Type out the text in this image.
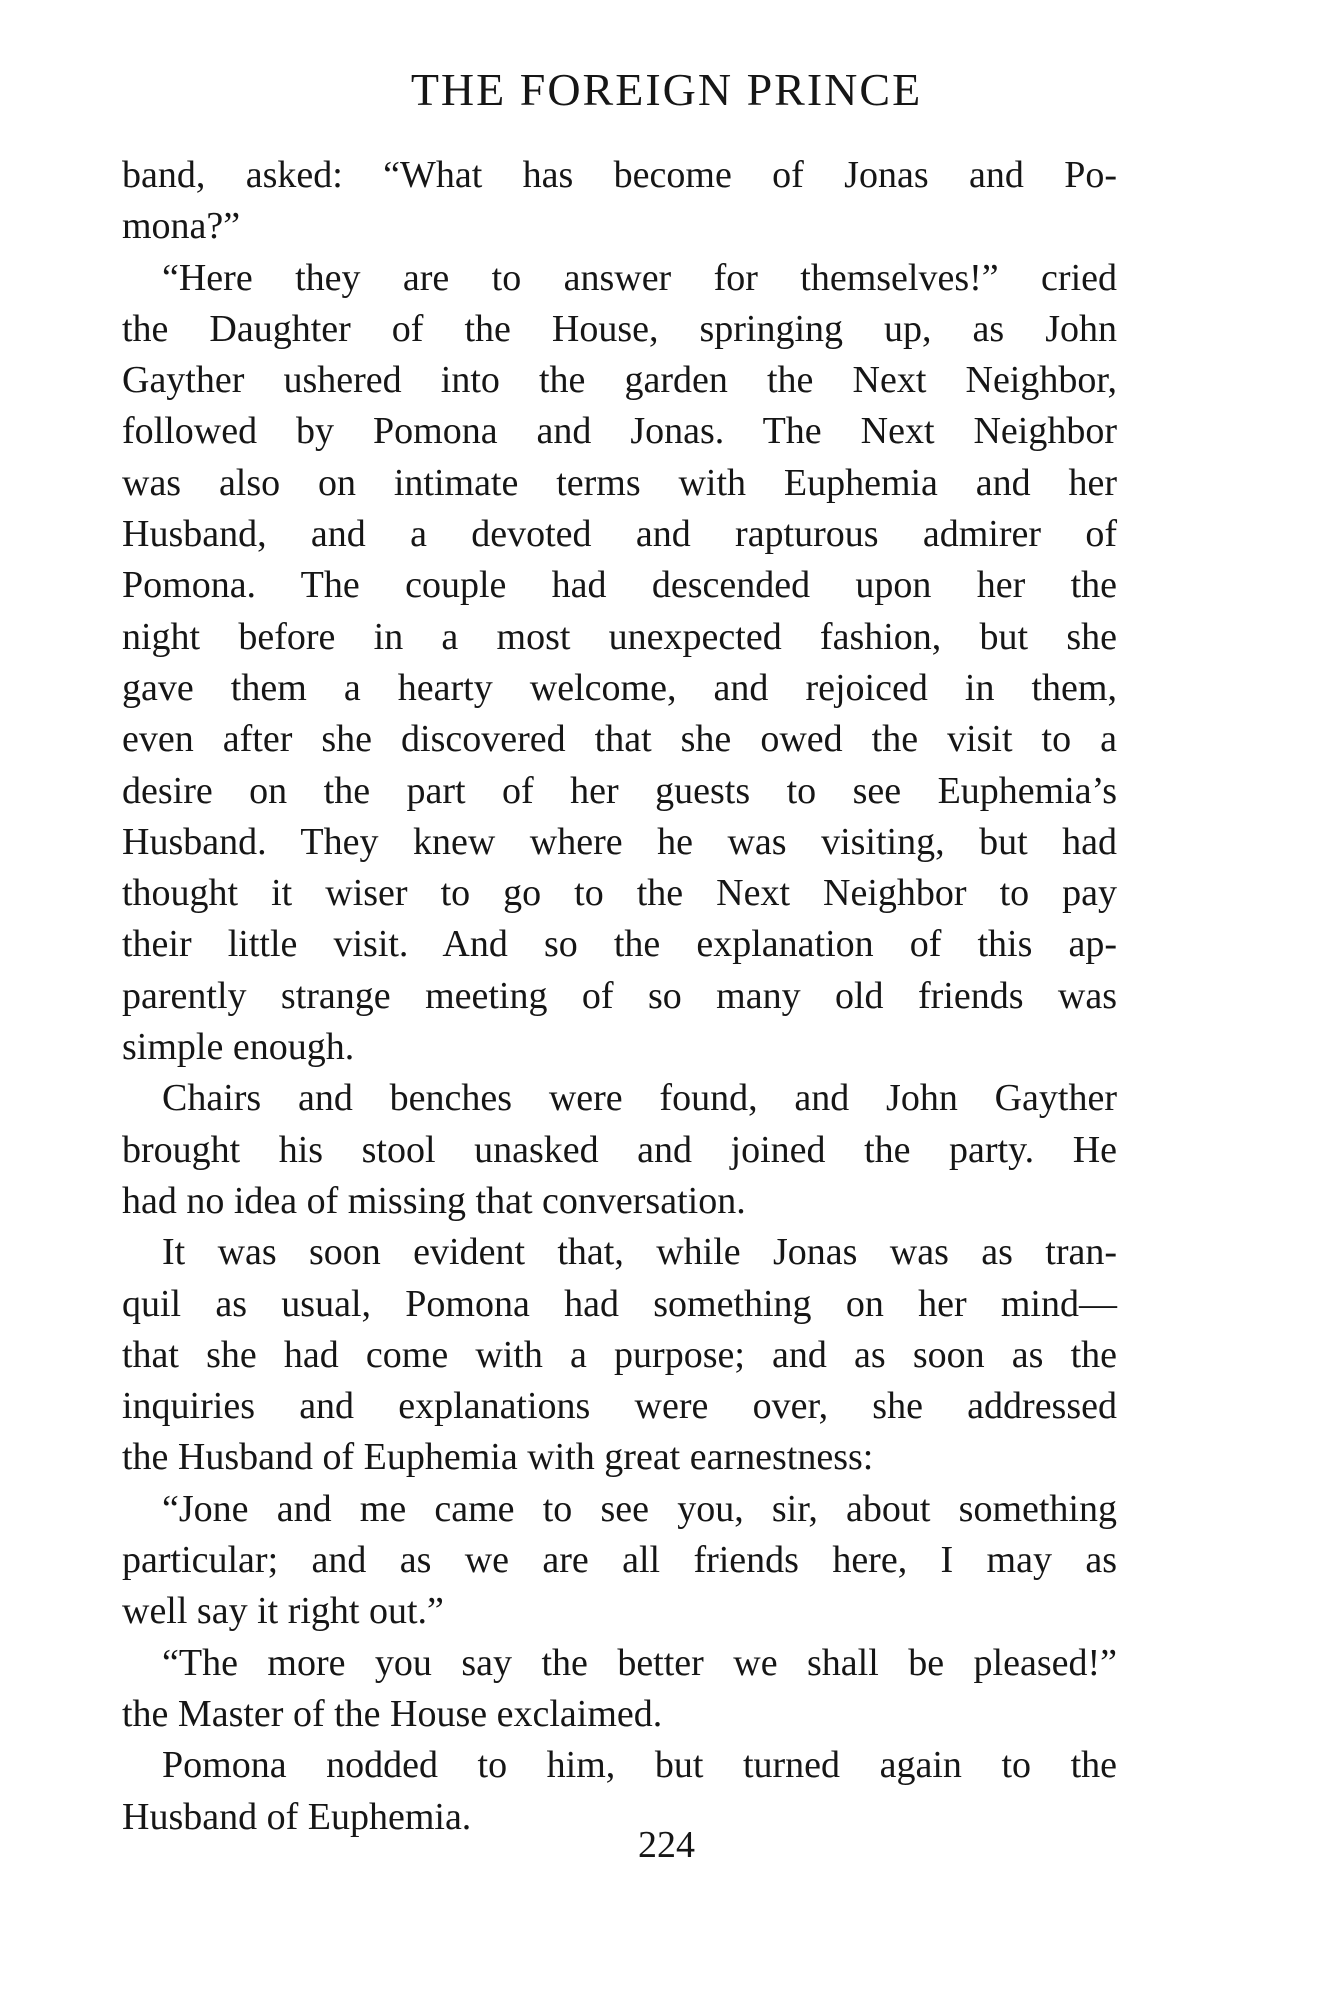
THE FOREIGN PRINCE

band, asked: “What has become of Jonas and Po-
mona?”

“Here they are to answer for themselves!” cried
the Daughter of the House, springing up, as John
Gayther ushered into the garden the Next Neighbor,
followed by Pomona and Jonas. The Next Neighbor
was also on intimate terms with Euphemia and her
Husband, and a devoted and rapturous admirer of
Pomona. The couple had descended upon her the
night before in a most unexpected fashion, but she
gave them a hearty welcome, and rejoiced in them,
even after she discovered that she owed the visit to a
desire on the part of her guests to see Euphemia’s
Husband. They knew where he was visiting, but had
thought it wiser to go to the Next Neighbor to pay
their little visit. And so the explanation of this ap-
parently strange meeting of so many old friends was
simple enough.

Chairs and benches were found, and John Gayther
brought his stool unasked and joined the party. He
had no idea of missing that conversation.

It was soon evident that, while Jonas was as tran-
quil as usual, Pomona had something on her mind—
that she had come with a purpose; and as soon as the
inquiries and explanations were over, she addressed
the Husband of Euphemia with great earnestness:

“Jone and me came to see you, sir, about something
particular; and as we are all friends here, I may as
well say it right out.”

“The more you say the better we shall be pleased!”
the Master of the House exclaimed.

Pomona nodded to him, but turned again to the
Husband of Euphemia.

224
